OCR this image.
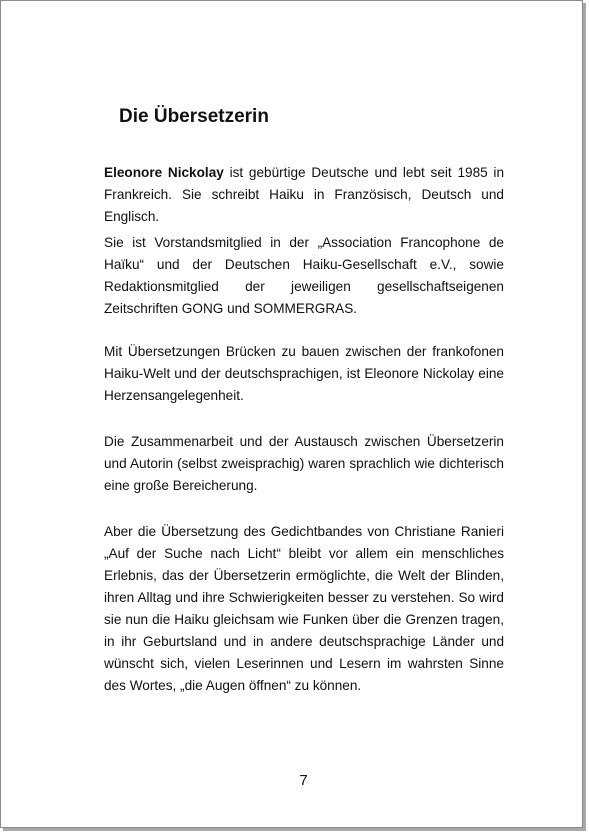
Die Übersetzerin

Eleonore Nickolay ist gebürtige Deutsche und lebt seit 1985 in Frankreich. Sie schreibt Haiku in Französisch, Deutsch und Englisch.

Sie ist Vorstandsmitglied in der „Association Francophone de Haïku“ und der Deutschen Haiku-Gesellschaft e.V., sowie Redaktionsmitglied der jeweiligen gesellschaftseigenen Zeitschriften GONG und SOMMERGRAS.

Mit Übersetzungen Brücken zu bauen zwischen der frankofonen Haiku-Welt und der deutschsprachigen, ist Eleonore Nickolay eine Herzensangelegenheit.

Die Zusammenarbeit und der Austausch zwischen Übersetzerin und Autorin (selbst zweisprachig) waren sprachlich wie dichterisch eine große Bereicherung.

Aber die Übersetzung des Gedichtbandes von Christiane Ranieri „Auf der Suche nach Licht“ bleibt vor allem ein menschliches Erlebnis, das der Übersetzerin ermöglichte, die Welt der Blinden, ihren Alltag und ihre Schwierigkeiten besser zu verstehen. So wird sie nun die Haiku gleichsam wie Funken über die Grenzen tragen, in ihr Geburtsland und in andere deutschsprachige Länder und wünscht sich, vielen Leserinnen und Lesern im wahrsten Sinne des Wortes, „die Augen öffnen“ zu können.

7
